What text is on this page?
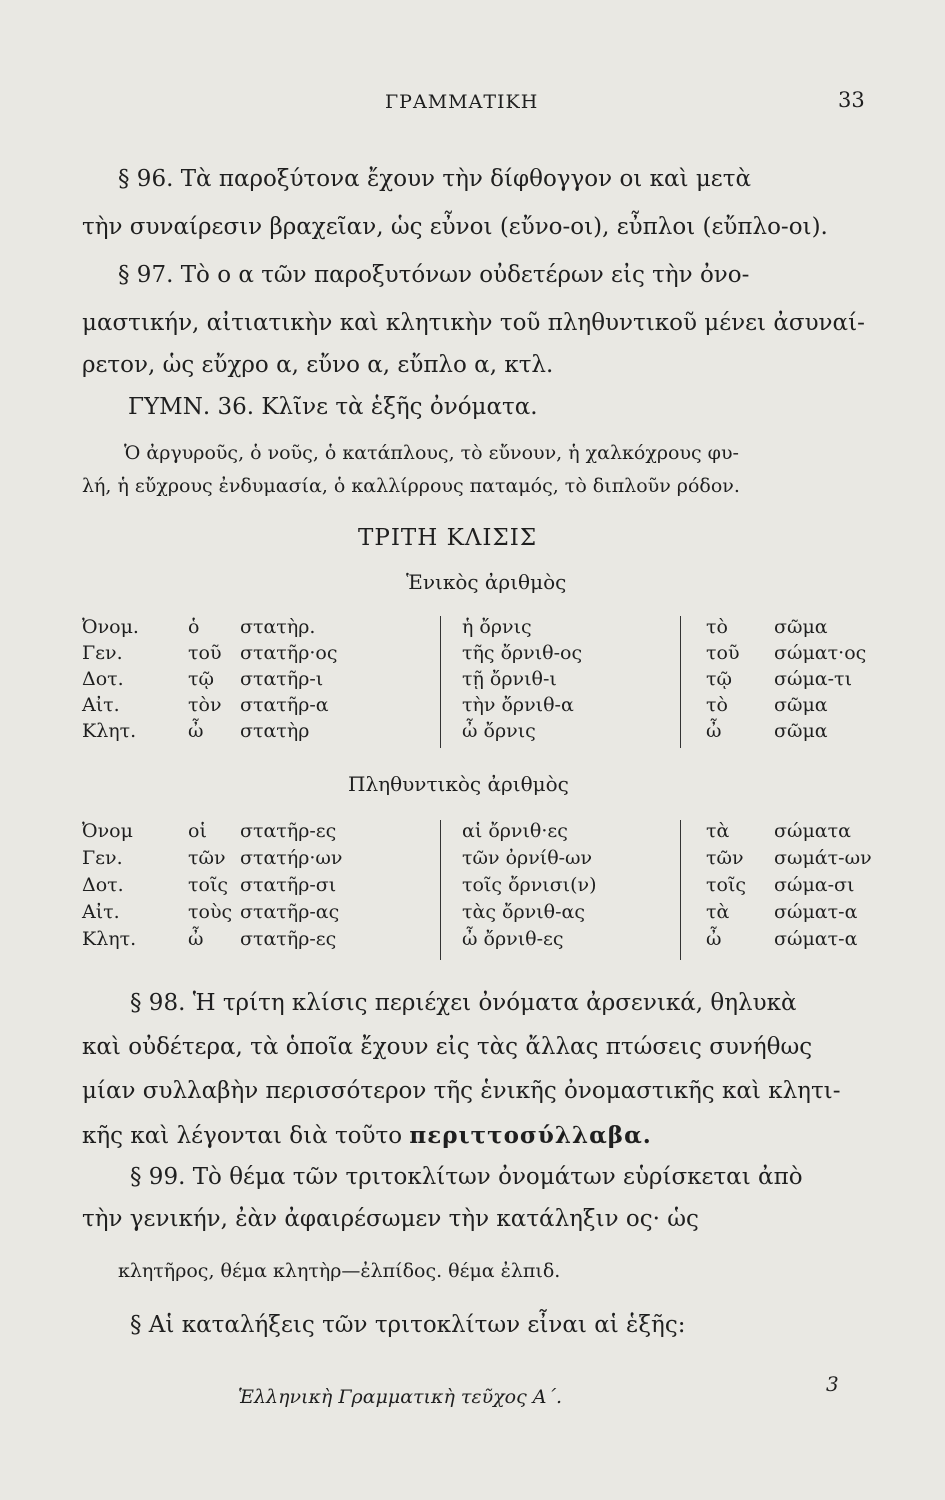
ΓΡΑΜΜΑΤΙΚΗ	33
§ 96. Τὰ παροξύτονα ἔχουν τὴν δίφθογγον οι καὶ μετὰ
τὴν συναίρεσιν βραχεῖαν, ὡς εὖνοι (εὔνο-οι), εὖπλοι (εὔπλο-οι).
§ 97. Τὸ ο α τῶν παροξυτόνων οὐδετέρων εἰς τὴν ὀνο-
μαστικήν, αἰτιατικὴν καὶ κλητικὴν τοῦ πληθυντικοῦ μένει ἀσυναί-
ρετον, ὡς εὔχρο α, εὔνο α, εὔπλο α, κτλ.
ΓΥΜΝ. 36. Κλῖνε τὰ ἑξῆς ὀνόματα.
Ὁ ἀργυροῦς, ὁ νοῦς, ὁ κατάπλους, τὸ εὔνουν, ἡ χαλκόχρους φυ-
λή, ἡ εὔχρους ἐνδυμασία, ὁ καλλίρρους παταμός, τὸ διπλοῦν ρόδον.
ΤΡΙΤΗ ΚΛΙΣΙΣ
Ἑνικὸς ἀριθμὸς
Ὀνομ.	ὁ στατὴρ.	ἡ ὄρνις	τὸ σῶμα
Γεν.	τοῦ στατῆρ·ος	τῆς ὄρνιθ-ος	τοῦ σώματ·ος
Δοτ.	τῷ στατῆρ-ι	τῇ ὄρνιθ-ι	τῷ σώμα-τι
Αἰτ.	τὸν στατῆρ-α	τὴν ὄρνιθ-α	τὸ σῶμα
Κλητ.	ὦ στατὴρ	ὦ ὄρνις	ὦ	σῶμα
Πληθυντικὸς ἀριθμὸς
Ὀνομ	οἱ στατῆρ-ες	αἱ ὄρνιθ·ες	τὰ σώματα
Γεν.	τῶν στατήρ·ων	τῶν ὀρνίθ-ων	τῶν σωμάτ-ων
Δοτ.	τοῖς στατῆρ-σι	τοῖς ὄρνισι(ν)	τοῖς σώμα-σι
Αἰτ.	τοὺς στατῆρ-ας	τὰς ὄρνιθ-ας	τὰ σώματ-α
Κλητ.	ὦ στατῆρ-ες	ὦ ὄρνιθ-ες	ὦ	σώματ-α
§ 98. Ἡ τρίτη κλίσις περιέχει ὀνόματα ἀρσενικά, θηλυκὰ
καὶ οὐδέτερα, τὰ ὁποῖα ἔχουν εἰς τὰς ἄλλας πτώσεις συνήθως
μίαν συλλαβὴν περισσότερον τῆς ἑνικῆς ὀνομαστικῆς καὶ κλητι-
κῆς καὶ λέγονται διὰ τοῦτο περιττοσύλλαβα.
§ 99. Τὸ θέμα τῶν τριτοκλίτων ὀνομάτων εὑρίσκεται ἀπὸ
τὴν γενικήν, ἐὰν ἀφαιρέσωμεν τὴν κατάληξιν ος· ὡς
κλητῆρος, θέμα κλητὴρ—ἐλπίδος. θέμα ἐλπιδ.
§ Αἱ καταλήξεις τῶν τριτοκλίτων εἶναι αἱ ἑξῆς:
Ἑλληνικὴ Γραμματικὴ τεῦχος Α΄.
3
